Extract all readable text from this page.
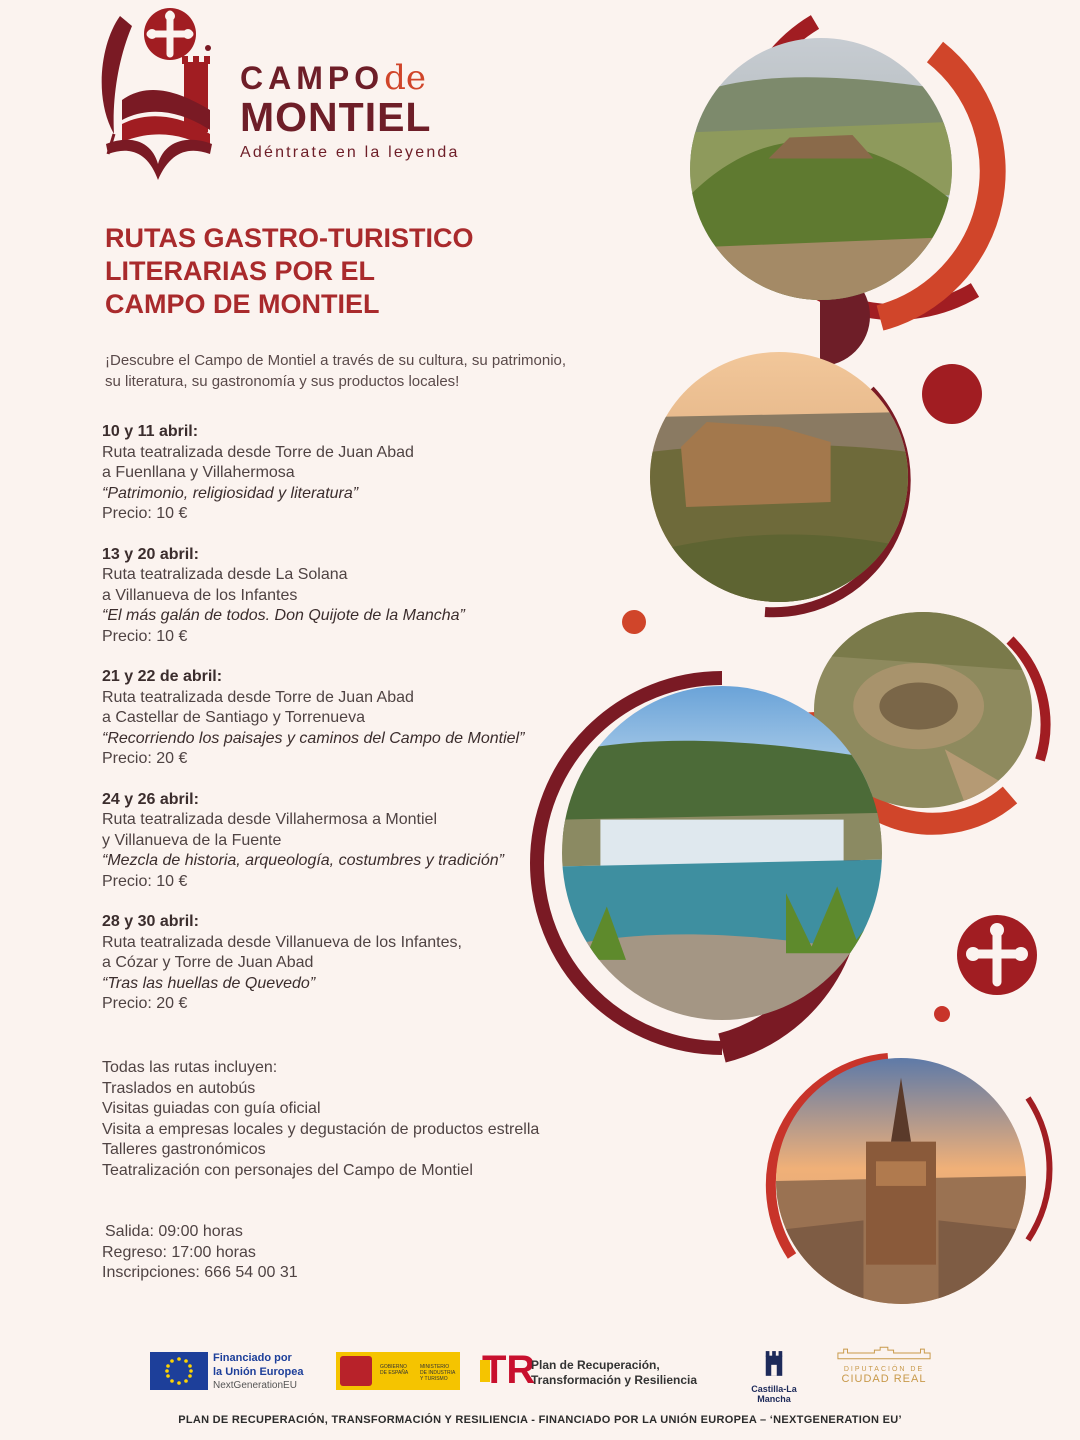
CAMPOde
MONTIEL
Adéntrate en la leyenda
RUTAS GASTRO-TURISTICO
LITERARIAS POR EL
CAMPO DE MONTIEL
¡Descubre el Campo de Montiel a través de su cultura, su patrimonio,
su literatura, su gastronomía y sus productos locales!
10 y 11 abril:
Ruta teatralizada desde Torre de Juan Abad
a Fuenllana y Villahermosa
“Patrimonio, religiosidad y literatura”
Precio: 10 €
13 y 20 abril:
Ruta teatralizada desde La Solana
a Villanueva de los Infantes
“El más galán de todos. Don Quijote de la Mancha”
Precio: 10 €
21 y 22 de abril:
Ruta teatralizada desde Torre de Juan Abad
a Castellar de Santiago y Torrenueva
“Recorriendo los paisajes y caminos del Campo de Montiel”
Precio: 20 €
24 y 26 abril:
Ruta teatralizada desde Villahermosa a Montiel
y Villanueva de la Fuente
“Mezcla de historia, arqueología, costumbres y tradición”
Precio: 10 €
28 y 30 abril:
Ruta teatralizada desde Villanueva de los Infantes,
a Cózar y Torre de Juan Abad
“Tras las huellas de Quevedo”
Precio: 20 €
Todas las rutas incluyen:
Traslados en autobús
Visitas guiadas con guía oficial
Visita a empresas locales y degustación de productos estrella
Talleres gastronómicos
Teatralización con personajes del Campo de Montiel
Salida: 09:00 horas
Regreso: 17:00 horas
Inscripciones: 666 54 00 31
Financiado por
la Unión Europea
NextGenerationEU
GOBIERNO DE ESPAÑA
MINISTERIO DE INDUSTRIA Y TURISMO TR
Plan de Recuperación,
Transformación y Resiliencia
Castilla-La Mancha
DIPUTACIÓN DE
CIUDAD REAL
PLAN DE RECUPERACIÓN, TRANSFORMACIÓN Y RESILIENCIA - FINANCIADO POR LA UNIÓN EUROPEA – ‘NEXTGENERATION EU’
